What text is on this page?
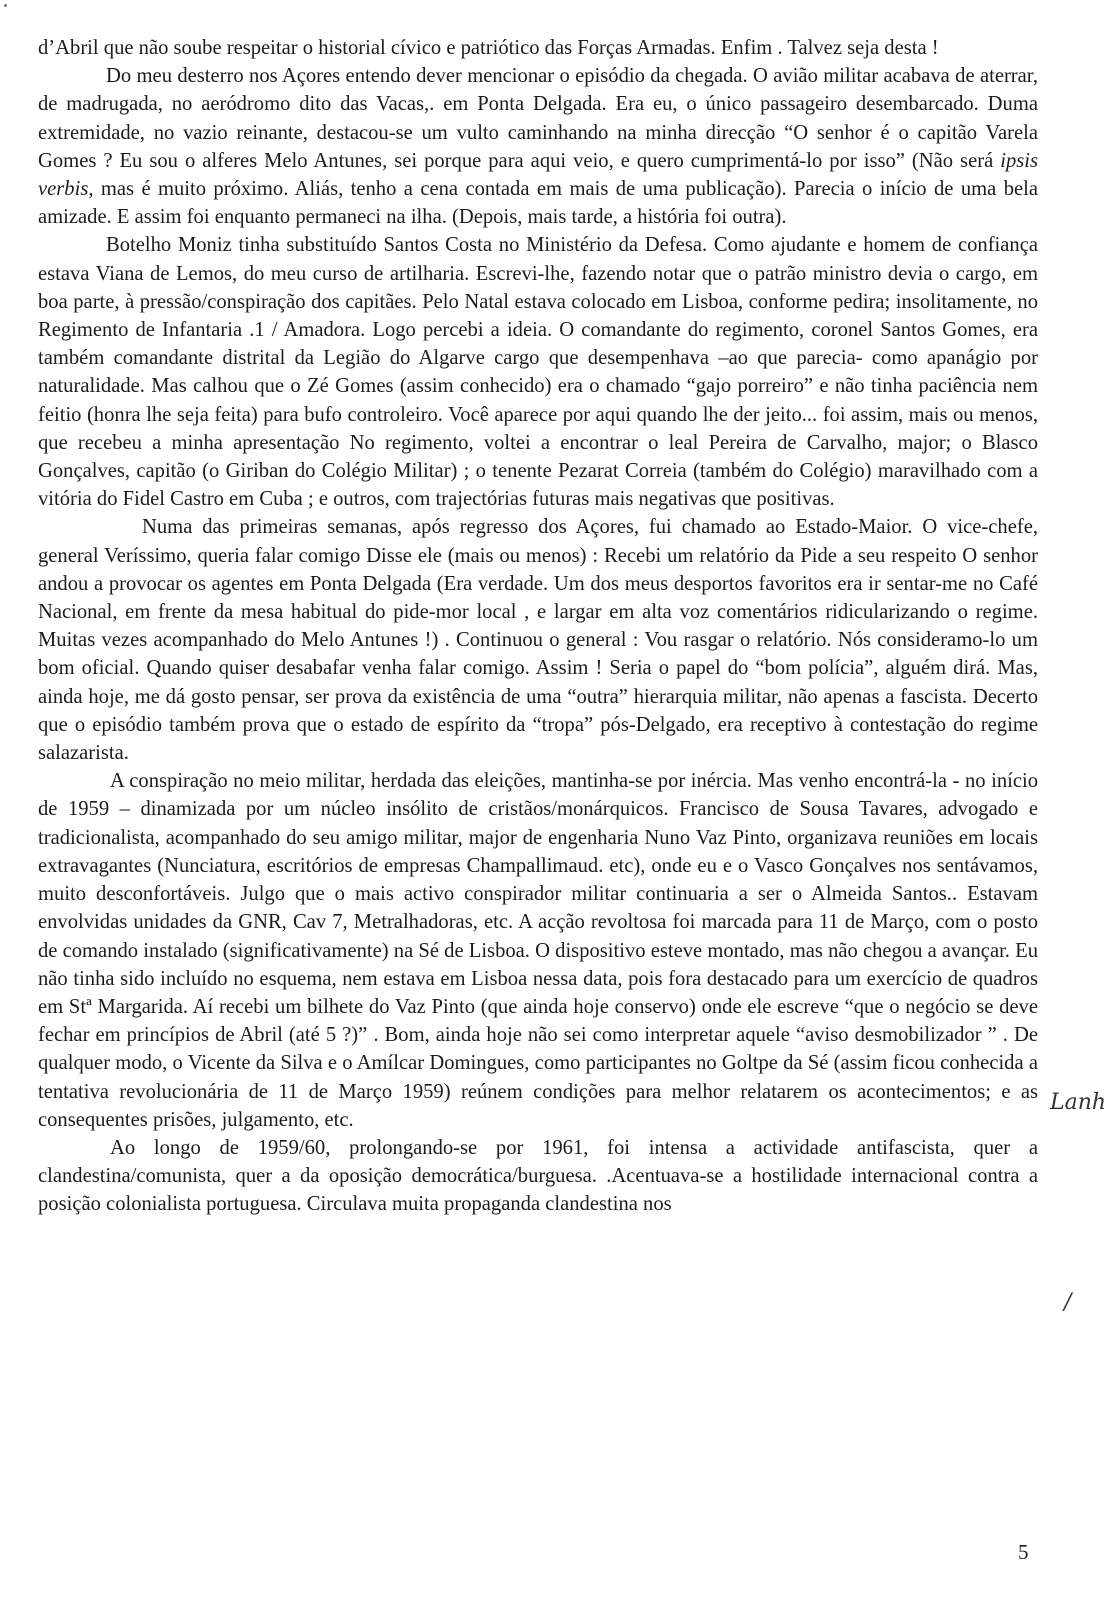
d’Abril que não soube respeitar o historial cívico e patriótico das Forças Armadas. Enfim . Talvez seja desta !

Do meu desterro nos Açores entendo dever mencionar o episódio da chegada. O avião militar acabava de aterrar, de madrugada, no aeródromo dito das Vacas,. em Ponta Delgada. Era eu, o único passageiro desembarcado. Duma extremidade, no vazio reinante, destacou-se um vulto caminhando na minha direcção “O senhor é o capitão Varela Gomes ? Eu sou o alferes Melo Antunes, sei porque para aqui veio, e quero cumprimentá-lo por isso” (Não será ipsis verbis, mas é muito próximo. Aliás, tenho a cena contada em mais de uma publicação). Parecia o início de uma bela amizade. E assim foi enquanto permaneci na ilha. (Depois, mais tarde, a história foi outra).

Botelho Moniz tinha substituído Santos Costa no Ministério da Defesa. Como ajudante e homem de confiança estava Viana de Lemos, do meu curso de artilharia. Escrevi-lhe, fazendo notar que o patrão ministro devia o cargo, em boa parte, à pressão/conspiração dos capitães. Pelo Natal estava colocado em Lisboa, conforme pedira; insolitamente, no Regimento de Infantaria .1 / Amadora. Logo percebi a ideia. O comandante do regimento, coronel Santos Gomes, era também comandante distrital da Legião do Algarve cargo que desempenhava –ao que parecia- como apanágio por naturalidade. Mas calhou que o Zé Gomes (assim conhecido) era o chamado “gajo porreiro” e não tinha paciência nem feitio (honra lhe seja feita) para bufo controleiro. Você aparece por aqui quando lhe der jeito... foi assim, mais ou menos, que recebeu a minha apresentação No regimento, voltei a encontrar o leal Pereira de Carvalho, major; o Blasco Gonçalves, capitão (o Giriban do Colégio Militar) ; o tenente Pezarat Correia (também do Colégio) maravilhado com a vitória do Fidel Castro em Cuba ; e outros, com trajectórias futuras mais negativas que positivas.

Numa das primeiras semanas, após regresso dos Açores, fui chamado ao Estado-Maior. O vice-chefe, general Veríssimo, queria falar comigo Disse ele (mais ou menos) : Recebi um relatório da Pide a seu respeito O senhor andou a provocar os agentes em Ponta Delgada (Era verdade. Um dos meus desportos favoritos era ir sentar-me no Café Nacional, em frente da mesa habitual do pide-mor local , e largar em alta voz comentários ridicularizando o regime. Muitas vezes acompanhado do Melo Antunes !) . Continuou o general : Vou rasgar o relatório. Nós consideramo-lo um bom oficial. Quando quiser desabafar venha falar comigo. Assim ! Seria o papel do “bom polícia”, alguém dirá. Mas, ainda hoje, me dá gosto pensar, ser prova da existência de uma “outra” hierarquia militar, não apenas a fascista. Decerto que o episódio também prova que o estado de espírito da “tropa” pós-Delgado, era receptivo à contestação do regime salazarista.

A conspiração no meio militar, herdada das eleições, mantinha-se por inércia. Mas venho encontrá-la - no início de 1959 – dinamizada por um núcleo insólito de cristãos/monárquicos. Francisco de Sousa Tavares, advogado e tradicionalista, acompanhado do seu amigo militar, major de engenharia Nuno Vaz Pinto, organizava reuniões em locais extravagantes (Nunciatura, escritórios de empresas Champallimaud. etc), onde eu e o Vasco Gonçalves nos sentávamos, muito desconfortáveis. Julgo que o mais activo conspirador militar continuaria a ser o Almeida Santos.. Estavam envolvidas unidades da GNR, Cav 7, Metralhadoras, etc. A acção revoltosa foi marcada para 11 de Março, com o posto de comando instalado (significativamente) na Sé de Lisboa. O dispositivo esteve montado, mas não chegou a avançar. Eu não tinha sido incluído no esquema, nem estava em Lisboa nessa data, pois fora destacado para um exercício de quadros em Stª Margarida. Aí recebi um bilhete do Vaz Pinto (que ainda hoje conservo) onde ele escreve “que o negócio se deve fechar em princípios de Abril (até 5 ?)” . Bom, ainda hoje não sei como interpretar aquele “aviso desmobilizador ” . De qualquer modo, o Vicente da Silva e o Amílcar Domingues, como participantes no Goltpe da Sé (assim ficou conhecida a tentativa revolucionária de 11 de Março 1959) reúnem condições para melhor relatarem os acontecimentos; e as consequentes prisões, julgamento, etc.

Ao longo de 1959/60, prolongando-se por 1961, foi intensa a actividade antifascista, quer a clandestina/comunista, quer a da oposição democrática/burguesa. .Acentuava-se a hostilidade internacional contra a posição colonialista portuguesa. Circulava muita propaganda clandestina nos

Lanh
/
5
